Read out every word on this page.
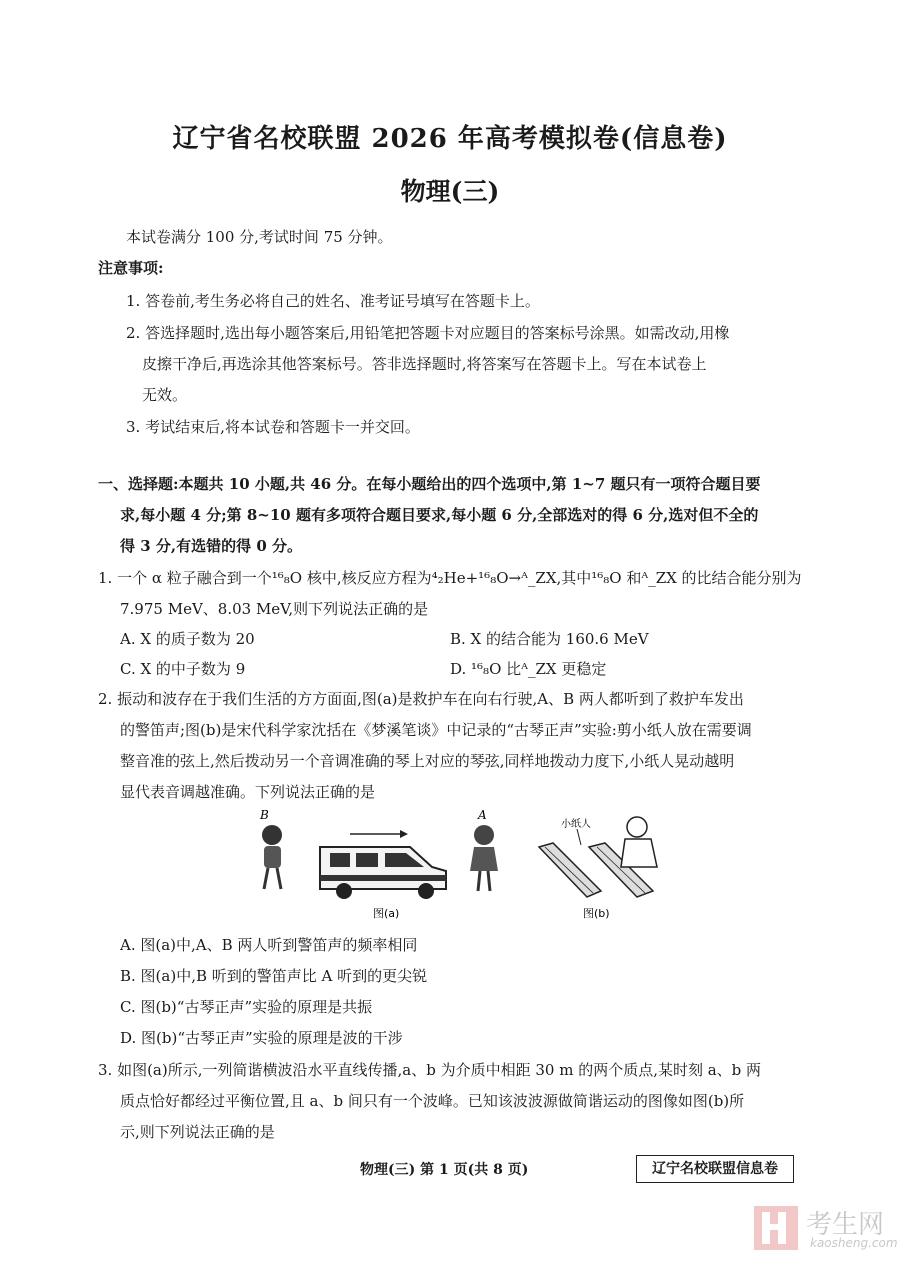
辽宁省名校联盟 2026 年高考模拟卷(信息卷)
物理(三)
本试卷满分 100 分,考试时间 75 分钟。
注意事项:
1. 答卷前,考生务必将自己的姓名、准考证号填写在答题卡上。
2. 答选择题时,选出每小题答案后,用铅笔把答题卡对应题目的答案标号涂黑。如需改动,用橡
皮擦干净后,再选涂其他答案标号。答非选择题时,将答案写在答题卡上。写在本试卷上
无效。
3. 考试结束后,将本试卷和答题卡一并交回。
一、选择题:本题共 10 小题,共 46 分。在每小题给出的四个选项中,第 1~7 题只有一项符合题目要
求,每小题 4 分;第 8~10 题有多项符合题目要求,每小题 6 分,全部选对的得 6 分,选对但不全的
得 3 分,有选错的得 0 分。
1. 一个 α 粒子融合到一个¹⁶₈O 核中,核反应方程为⁴₂He+¹⁶₈O→ᴬ_ZX,其中¹⁶₈O 和ᴬ_ZX 的比结合能分别为
7.975 MeV、8.03 MeV,则下列说法正确的是
A. X 的质子数为 20	B. X 的结合能为 160.6 MeV
C. X 的中子数为 9	D. ¹⁶₈O 比ᴬ_ZX 更稳定
2. 振动和波存在于我们生活的方方面面,图(a)是救护车在向右行驶,A、B 两人都听到了救护车发出
的警笛声;图(b)是宋代科学家沈括在《梦溪笔谈》中记录的“古琴正声”实验:剪小纸人放在需要调
整音准的弦上,然后拨动另一个音调准确的琴上对应的琴弦,同样地拨动力度下,小纸人晃动越明
显代表音调越准确。下列说法正确的是
B	A
图(a)
小纸人
图(b)
A. 图(a)中,A、B 两人听到警笛声的频率相同
B. 图(a)中,B 听到的警笛声比 A 听到的更尖锐
C. 图(b)“古琴正声”实验的原理是共振
D. 图(b)“古琴正声”实验的原理是波的干涉
3. 如图(a)所示,一列简谐横波沿水平直线传播,a、b 为介质中相距 30 m 的两个质点,某时刻 a、b 两
质点恰好都经过平衡位置,且 a、b 间只有一个波峰。已知该波波源做简谐运动的图像如图(b)所
示,则下列说法正确的是
物理(三) 第 1 页(共 8 页)	辽宁名校联盟信息卷
考生网
kaosheng.com
